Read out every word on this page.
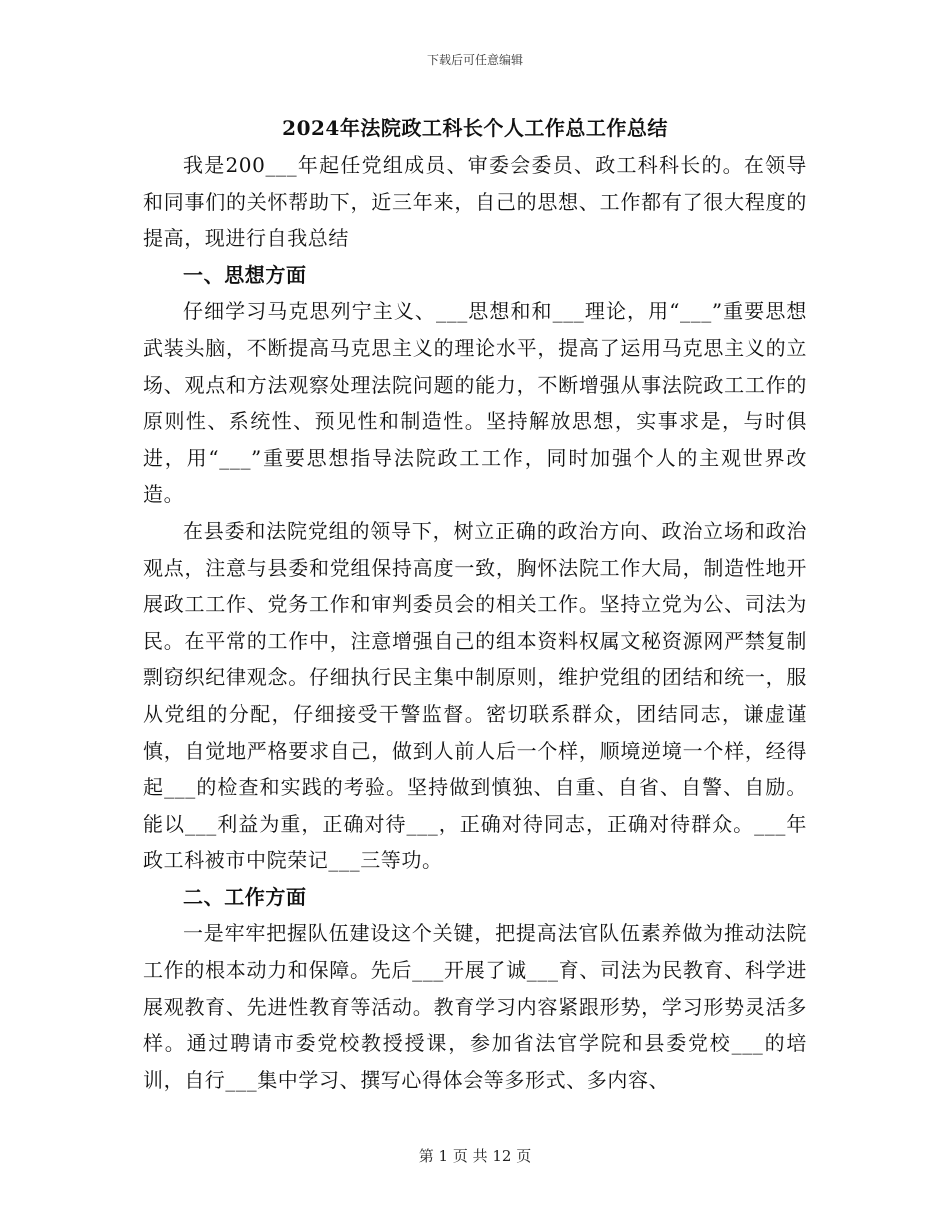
下载后可任意编辑
2024年法院政工科长个人工作总工作总结

我是200___年起任党组成员、审委会委员、政工科科长的。在领导和同事们的关怀帮助下，近三年来，自己的思想、工作都有了很大程度的提高，现进行自我总结

一、思想方面

仔细学习马克思列宁主义、___思想和和___理论，用“___”重要思想武装头脑，不断提高马克思主义的理论水平，提高了运用马克思主义的立场、观点和方法观察处理法院问题的能力，不断增强从事法院政工工作的原则性、系统性、预见性和制造性。坚持解放思想，实事求是，与时俱进，用“___”重要思想指导法院政工工作，同时加强个人的主观世界改造。

在县委和法院党组的领导下，树立正确的政治方向、政治立场和政治观点，注意与县委和党组保持高度一致，胸怀法院工作大局，制造性地开展政工工作、党务工作和审判委员会的相关工作。坚持立党为公、司法为民。在平常的工作中，注意增强自己的组本资料权属文秘资源网严禁复制剽窃织纪律观念。仔细执行民主集中制原则，维护党组的团结和统一，服从党组的分配，仔细接受干警监督。密切联系群众，团结同志，谦虚谨慎，自觉地严格要求自己，做到人前人后一个样，顺境逆境一个样，经得起___的检查和实践的考验。坚持做到慎独、自重、自省、自警、自励。能以___利益为重，正确对待___，正确对待同志，正确对待群众。___年政工科被市中院荣记___三等功。

二、工作方面

一是牢牢把握队伍建设这个关键，把提高法官队伍素养做为推动法院工作的根本动力和保障。先后___开展了诚___育、司法为民教育、科学进展观教育、先进性教育等活动。教育学习内容紧跟形势，学习形势灵活多样。通过聘请市委党校教授授课，参加省法官学院和县委党校___的培训，自行___集中学习、撰写心得体会等多形式、多内容、

第 1 页 共 12 页
